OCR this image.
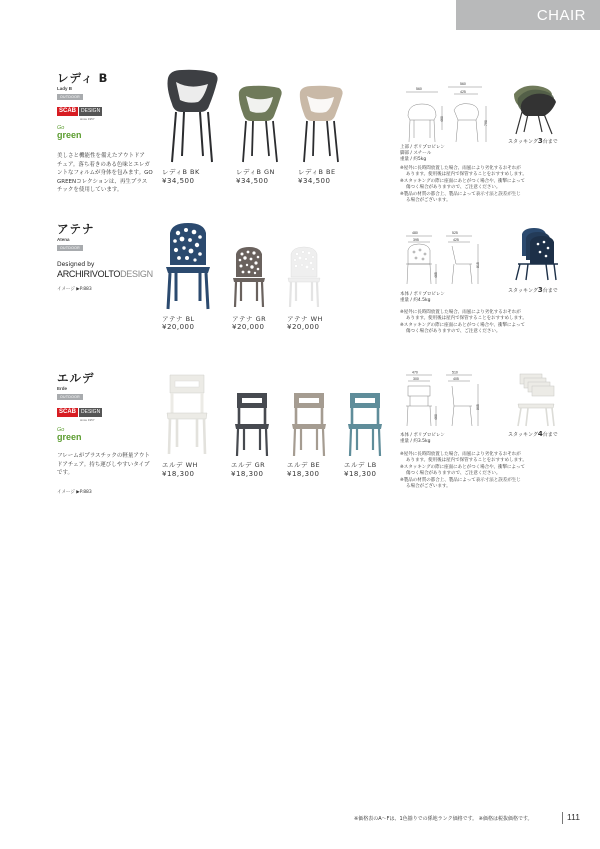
CHAIR
レディ B
Lady B
OUTDOOR
SCAB	DESIGN
since 1957
Go
green
美しさと機能性を備えたアウトドア
チェア。落ち着きのある色味とエレガ
ントなフォルムが身体を包みます。GO
GREENコレクションは、再生プラス
チックを使用しています。
レディB BK
¥34,500
レディB GN
¥34,500
レディB BE
¥34,500
560
560
425
460
790
上部 / ポリプロピレン
脚部 / スチール
重量 / 約5kg
スタッキング3台まで
※屋外に長時間放置した場合、雨風により劣化するおそれが
あります。使用後は屋内で保管することをおすすめします。
※スタッキングの際に座面にあとがつく場合や、衝撃によって
傷つく場合がありますので、ご注意ください。
※製品の材質の都合上、製品によって表示寸法と誤差が生じ
る場合がございます。
アテナ
Atena
OUTDOOR
Designed by
ARCHIRIVOLTODESIGN
イメージ ▶P.883
アテナ BL
¥20,000
アテナ GR
¥20,000
アテナ WH
¥20,000
480
395
525
425
465
815
本体 / ポリプロピレン
重量 / 約4.5kg
スタッキング3台まで
※屋外に長時間放置した場合、雨風により劣化するおそれが
あります。使用後は屋内で保管することをおすすめします。
※スタッキングの際に座面にあとがつく場合や、衝撃によって
傷つく場合がありますので、ご注意ください。
エルデ
Erde
OUTDOOR
SCAB	DESIGN
since 1957
Go
green
フレームがプラスチックの軽量アウト
ドアチェア。持ち運びしやすいタイプ
です。
イメージ ▶P.883
エルデ WH
¥18,300
エルデ GR
¥18,300
エルデ BE
¥18,300
エルデ LB
¥18,300
470
300
510
405
460
805
本体 / ポリプロピレン
重量 / 約3.5kg
スタッキング4台まで
※屋外に長時間放置した場合、雨風により劣化するおそれが
あります。使用後は屋内で保管することをおすすめします。
※スタッキングの際に座面にあとがつく場合や、衝撃によって
傷つく場合がありますので、ご注意ください。
※製品の材質の都合上、製品によって表示寸法と誤差が生じ
る場合がございます。
※価格表のA～Fは、1色揃りでの係地ランク価格です。 ※価格は税抜価格です。	111
